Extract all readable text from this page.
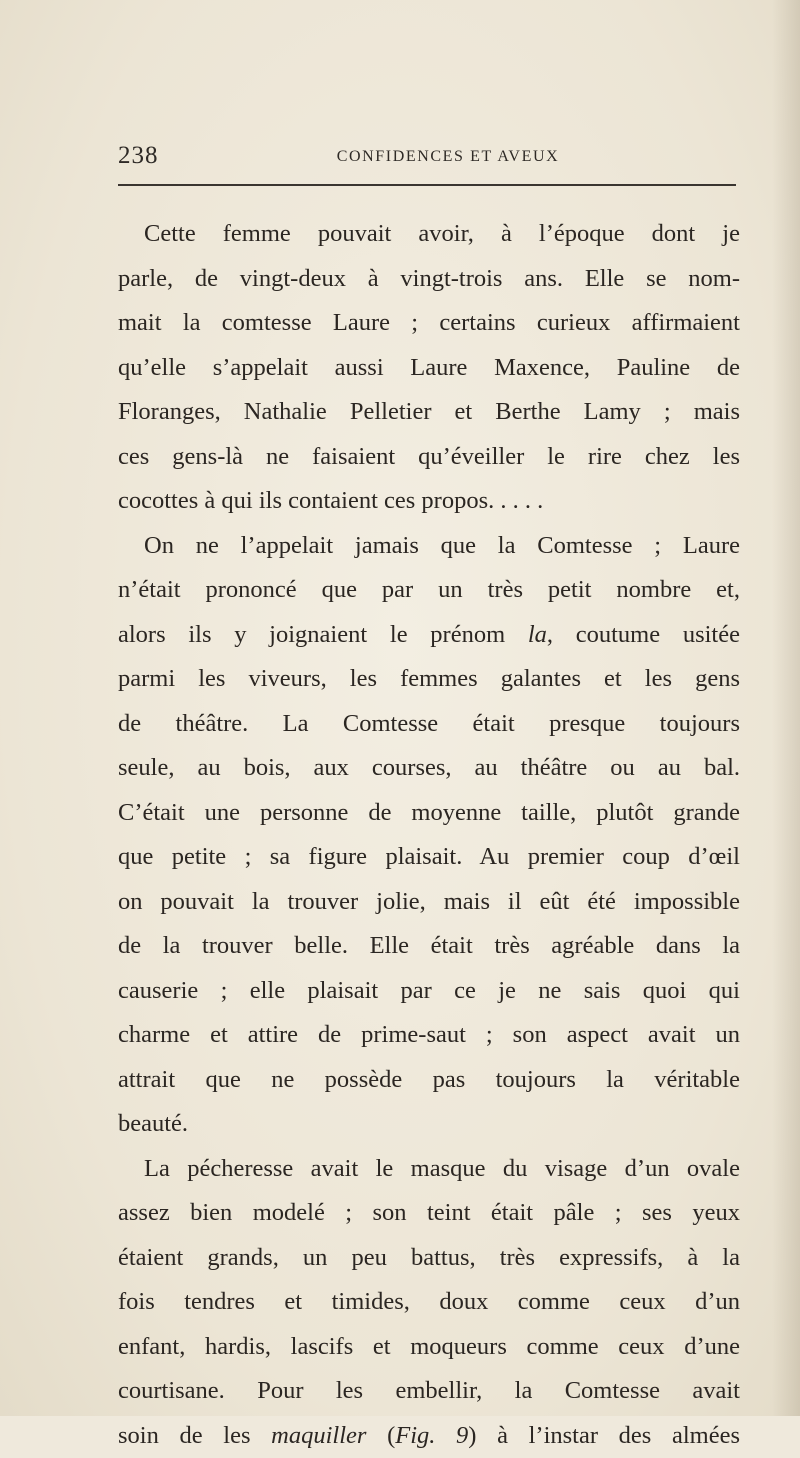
238	CONFIDENCES ET AVEUX
Cette femme pouvait avoir, à l’époque dont je
parle, de vingt-deux à vingt-trois ans. Elle se nom-
mait la comtesse Laure ; certains curieux affirmaient
qu’elle s’appelait aussi Laure Maxence, Pauline de
Floranges, Nathalie Pelletier et Berthe Lamy ; mais
ces gens-là ne faisaient qu’éveiller le rire chez les
cocottes à qui ils contaient ces propos. . . . .
On ne l’appelait jamais que la Comtesse ; Laure
n’était prononcé que par un très petit nombre et,
alors ils y joignaient le prénom la, coutume usitée
parmi les viveurs, les femmes galantes et les gens
de théâtre. La Comtesse était presque toujours
seule, au bois, aux courses, au théâtre ou au bal.
C’était une personne de moyenne taille, plutôt grande
que petite ; sa figure plaisait. Au premier coup d’œil
on pouvait la trouver jolie, mais il eût été impossible
de la trouver belle. Elle était très agréable dans la
causerie ; elle plaisait par ce je ne sais quoi qui
charme et attire de prime-saut ; son aspect avait un
attrait que ne possède pas toujours la véritable
beauté.
La pécheresse avait le masque du visage d’un ovale
assez bien modelé ; son teint était pâle ; ses yeux
étaient grands, un peu battus, très expressifs, à la
fois tendres et timides, doux comme ceux d’un
enfant, hardis, lascifs et moqueurs comme ceux d’une
courtisane. Pour les embellir, la Comtesse avait
soin de les maquiller (Fig. 9) à l’instar des almées
